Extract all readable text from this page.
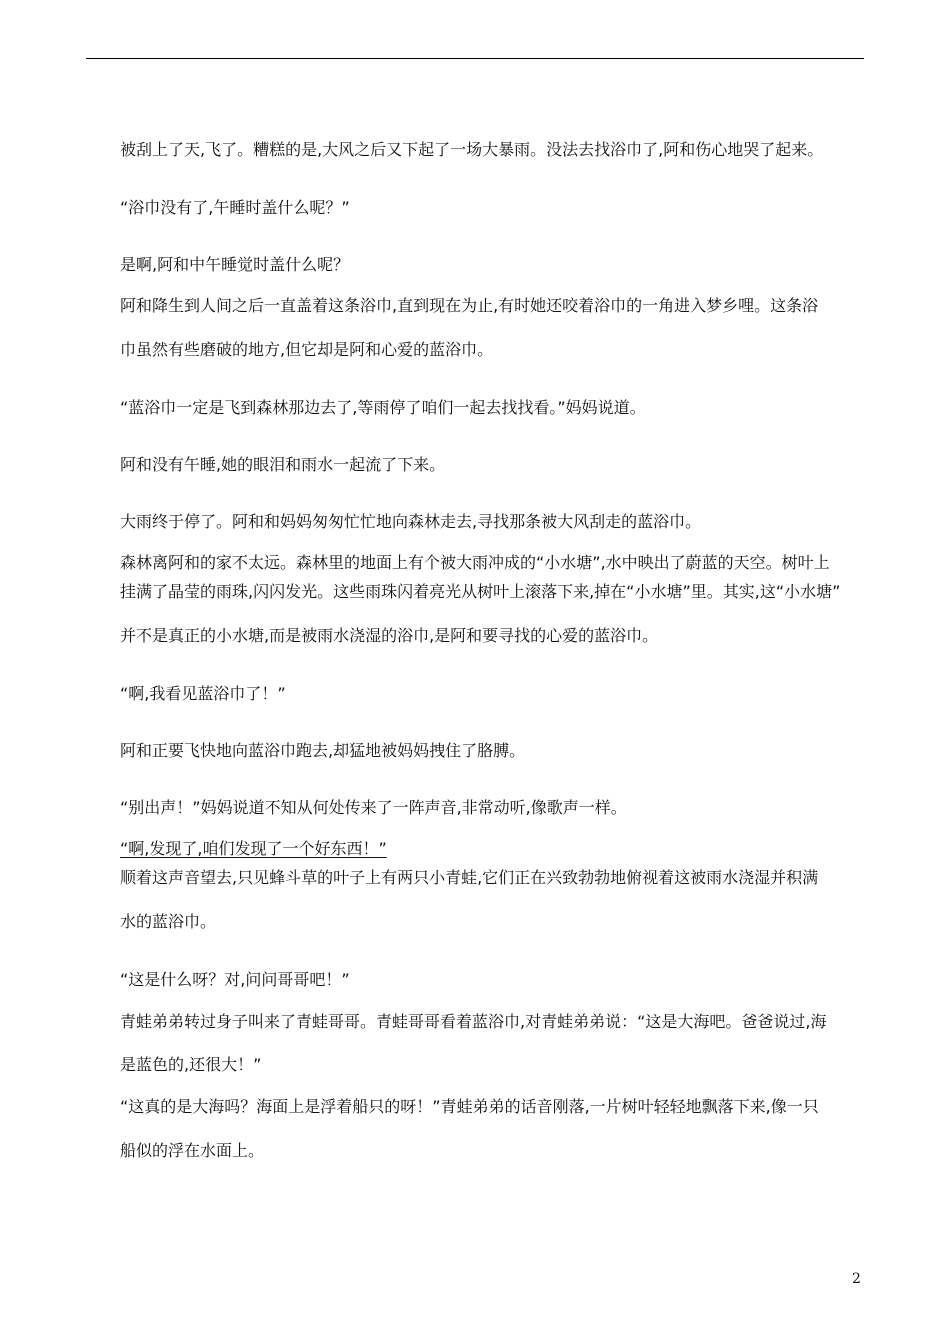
被刮上了天,飞了。糟糕的是,大风之后又下起了一场大暴雨。没法去找浴巾了,阿和伤心地哭了起来。
“浴巾没有了,午睡时盖什么呢？”
是啊,阿和中午睡觉时盖什么呢？
阿和降生到人间之后一直盖着这条浴巾,直到现在为止,有时她还咬着浴巾的一角进入梦乡哩。这条浴
巾虽然有些磨破的地方,但它却是阿和心爱的蓝浴巾。
“蓝浴巾一定是飞到森林那边去了,等雨停了咱们一起去找找看。”妈妈说道。
阿和没有午睡,她的眼泪和雨水一起流了下来。
大雨终于停了。阿和和妈妈匆匆忙忙地向森林走去,寻找那条被大风刮走的蓝浴巾。
森林离阿和的家不太远。森林里的地面上有个被大雨冲成的“小水塘”,水中映出了蔚蓝的天空。树叶上
挂满了晶莹的雨珠,闪闪发光。这些雨珠闪着亮光从树叶上滚落下来,掉在“小水塘”里。其实,这“小水塘”
并不是真正的小水塘,而是被雨水浇湿的浴巾,是阿和要寻找的心爱的蓝浴巾。
“啊,我看见蓝浴巾了！”
阿和正要飞快地向蓝浴巾跑去,却猛地被妈妈拽住了胳膊。
“别出声！”妈妈说道不知从何处传来了一阵声音,非常动听,像歌声一样。
“啊,发现了,咱们发现了一个好东西！”
顺着这声音望去,只见蜂斗草的叶子上有两只小青蛙,它们正在兴致勃勃地俯视着这被雨水浇湿并积满
水的蓝浴巾。
“这是什么呀？对,问问哥哥吧！”
青蛙弟弟转过身子叫来了青蛙哥哥。青蛙哥哥看着蓝浴巾,对青蛙弟弟说：“这是大海吧。爸爸说过,海
是蓝色的,还很大！”
“这真的是大海吗？海面上是浮着船只的呀！”青蛙弟弟的话音刚落,一片树叶轻轻地飘落下来,像一只
船似的浮在水面上。
2
